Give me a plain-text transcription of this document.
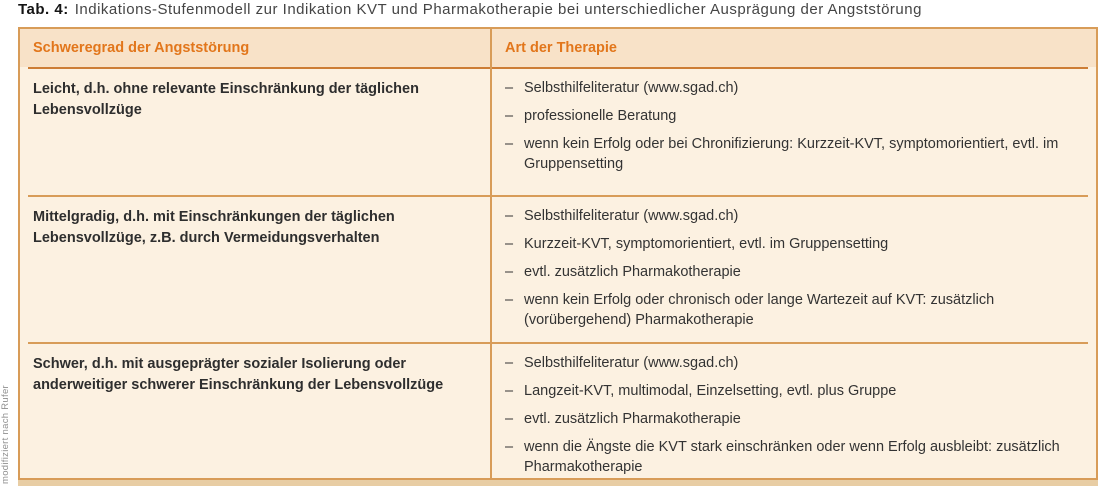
Tab. 4: Indikations-Stufenmodell zur Indikation KVT und Pharmakotherapie bei unterschiedlicher Ausprägung der Angststörung
modifiziert nach Rufer
Schweregrad der Angststörung	Art der Therapie
Leicht, d.h. ohne relevante Einschränkung der täglichen Lebensvollzüge
– Selbsthilfeliteratur (www.sgad.ch)
– professionelle Beratung
– wenn kein Erfolg oder bei Chronifizierung: Kurzzeit-KVT, symptomorientiert, evtl. im Gruppensetting
Mittelgradig, d.h. mit Einschränkungen der täglichen Lebensvollzüge, z.B. durch Vermeidungsverhalten
– Selbsthilfeliteratur (www.sgad.ch)
– Kurzzeit-KVT, symptomorientiert, evtl. im Gruppensetting
– evtl. zusätzlich Pharmakotherapie
– wenn kein Erfolg oder chronisch oder lange Wartezeit auf KVT: zusätzlich (vorübergehend) Pharmakotherapie
Schwer, d.h. mit ausgeprägter sozialer Isolierung oder anderweitiger schwerer Einschränkung der Lebensvollzüge
– Selbsthilfeliteratur (www.sgad.ch)
– Langzeit-KVT, multimodal, Einzelsetting, evtl. plus Gruppe
– evtl. zusätzlich Pharmakotherapie
– wenn die Ängste die KVT stark einschränken oder wenn Erfolg ausbleibt: zusätzlich Pharmakotherapie
